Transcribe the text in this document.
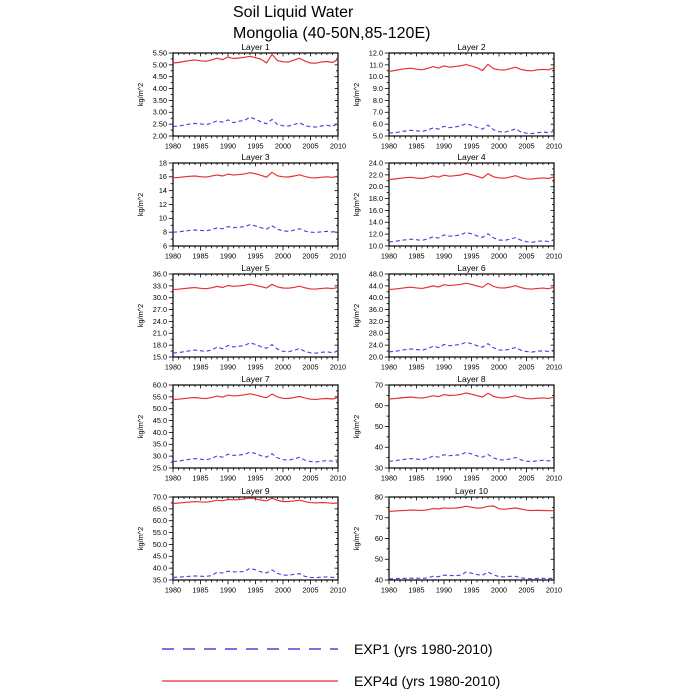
Soil Liquid Water
Mongolia (40-50N,85-120E)
Layer 1
2.00
2.50
3.00
3.50
4.00
4.50
5.00
5.50
1980 1985 1990 1995 2000 2005 2010
kg/m^2
Layer 2
5.0
6.0
7.0
8.0
9.0
10.0
11.0
12.0
1980 1985 1990 1995 2000 2005 2010
kg/m^2
Layer 3
6
8
10
12
14
16
18
1980 1985 1990 1995 2000 2005 2010
kg/m^2
Layer 4
10.0
12.0
14.0
16.0
18.0
20.0
22.0
24.0
1980 1985 1990 1995 2000 2005 2010
kg/m^2
Layer 5
15.0
18.0
21.0
24.0
27.0
30.0
33.0
36.0
1980 1985 1990 1995 2000 2005 2010
kg/m^2
Layer 6
20.0
24.0
28.0
32.0
36.0
40.0
44.0
48.0
1980 1985 1990 1995 2000 2005 2010
kg/m^2
Layer 7
25.0
30.0
35.0
40.0
45.0
50.0
55.0
60.0
1980 1985 1990 1995 2000 2005 2010
kg/m^2
Layer 8
30
40
50
60
70
1980 1985 1990 1995 2000 2005 2010
kg/m^2
Layer 9
35.0
40.0
45.0
50.0
55.0
60.0
65.0
70.0
1980 1985 1990 1995 2000 2005 2010
kg/m^2
Layer 10
40
50
60
70
80
1980 1985 1990 1995 2000 2005 2010
kg/m^2
EXP1 (yrs 1980-2010)
EXP4d (yrs 1980-2010)
